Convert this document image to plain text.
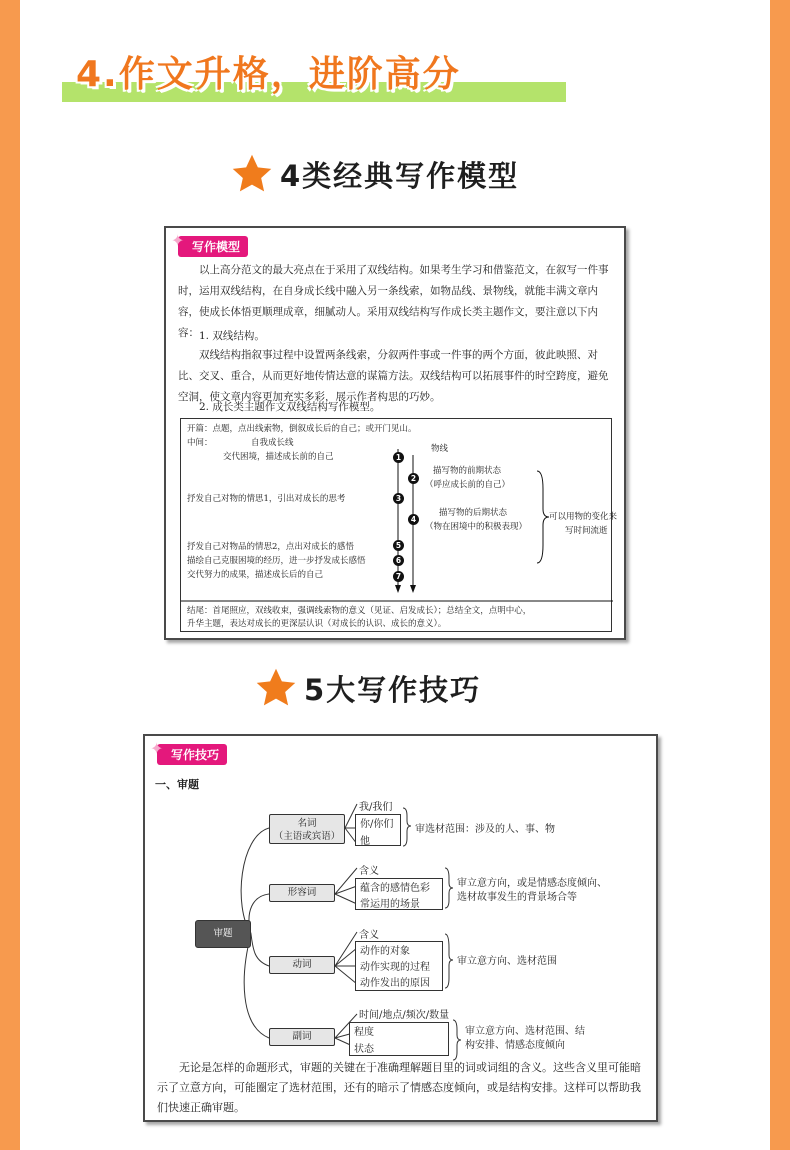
4.作文升格，进阶高分
4类经典写作模型
✦ 写作模型
以上高分范文的最大亮点在于采用了双线结构。如果考生学习和借鉴范文，在叙写一件事时，运用双线结构，在自身成长线中融入另一条线索，如物品线、景物线，就能丰满文章内容，使成长体悟更顺理成章，细腻动人。采用双线结构写作成长类主题作文，要注意以下内容： 1. 双线结构。
双线结构指叙事过程中设置两条线索，分叙两件事或一件事的两个方面，彼此映照、对比、交叉、重合，从而更好地传情达意的谋篇方法。双线结构可以拓展事件的时空跨度，避免空洞，使文章内容更加充实多彩，展示作者构思的巧妙。
2. 成长类主题作文双线结构写作模型。
开篇：点题，点出线索物，倒叙成长后的自己；或开门见山。
中间：	自我成长线
物线
交代困境，描述成长前的自己	1
描写物的前期状态
（呼应成长前的自己）
2
抒发自己对物的情思1，引出对成长的思考	3
描写物的后期状态
（物在困境中的积极表现）
4	可以用物的变化来
写时间流逝
抒发自己对物品的情思2，点出对成长的感悟	5
描绘自己克服困境的经历，进一步抒发成长感悟	6
交代努力的成果，描述成长后的自己	7
结尾：首尾照应，双线收束，强调线索物的意义（见证、启发成长）；总结全文，点明中心，
升华主题，表达对成长的更深层认识（对成长的认识、成长的意义）。
5大写作技巧
✦ 写作技巧
一、审题
审题
名词
（主语或宾语）
我/我们
你/你们
他
审选材范围：涉及的人、事、物
形容词
含义
蕴含的感情色彩
常运用的场景
审立意方向，或是情感态度倾向、
选材故事发生的背景场合等
动词
含义
动作的对象
动作实现的过程
动作发出的原因
审立意方向、选材范围
副词
时间/地点/频次/数量
程度
状态
审立意方向、选材范围、结
构安排、情感态度倾向
无论是怎样的命题形式，审题的关键在于准确理解题目里的词或词组的含义。这些含义里可能暗示了立意方向，可能圈定了选材范围，还有的暗示了情感态度倾向，或是结构安排。这样可以帮助我们快速正确审题。
